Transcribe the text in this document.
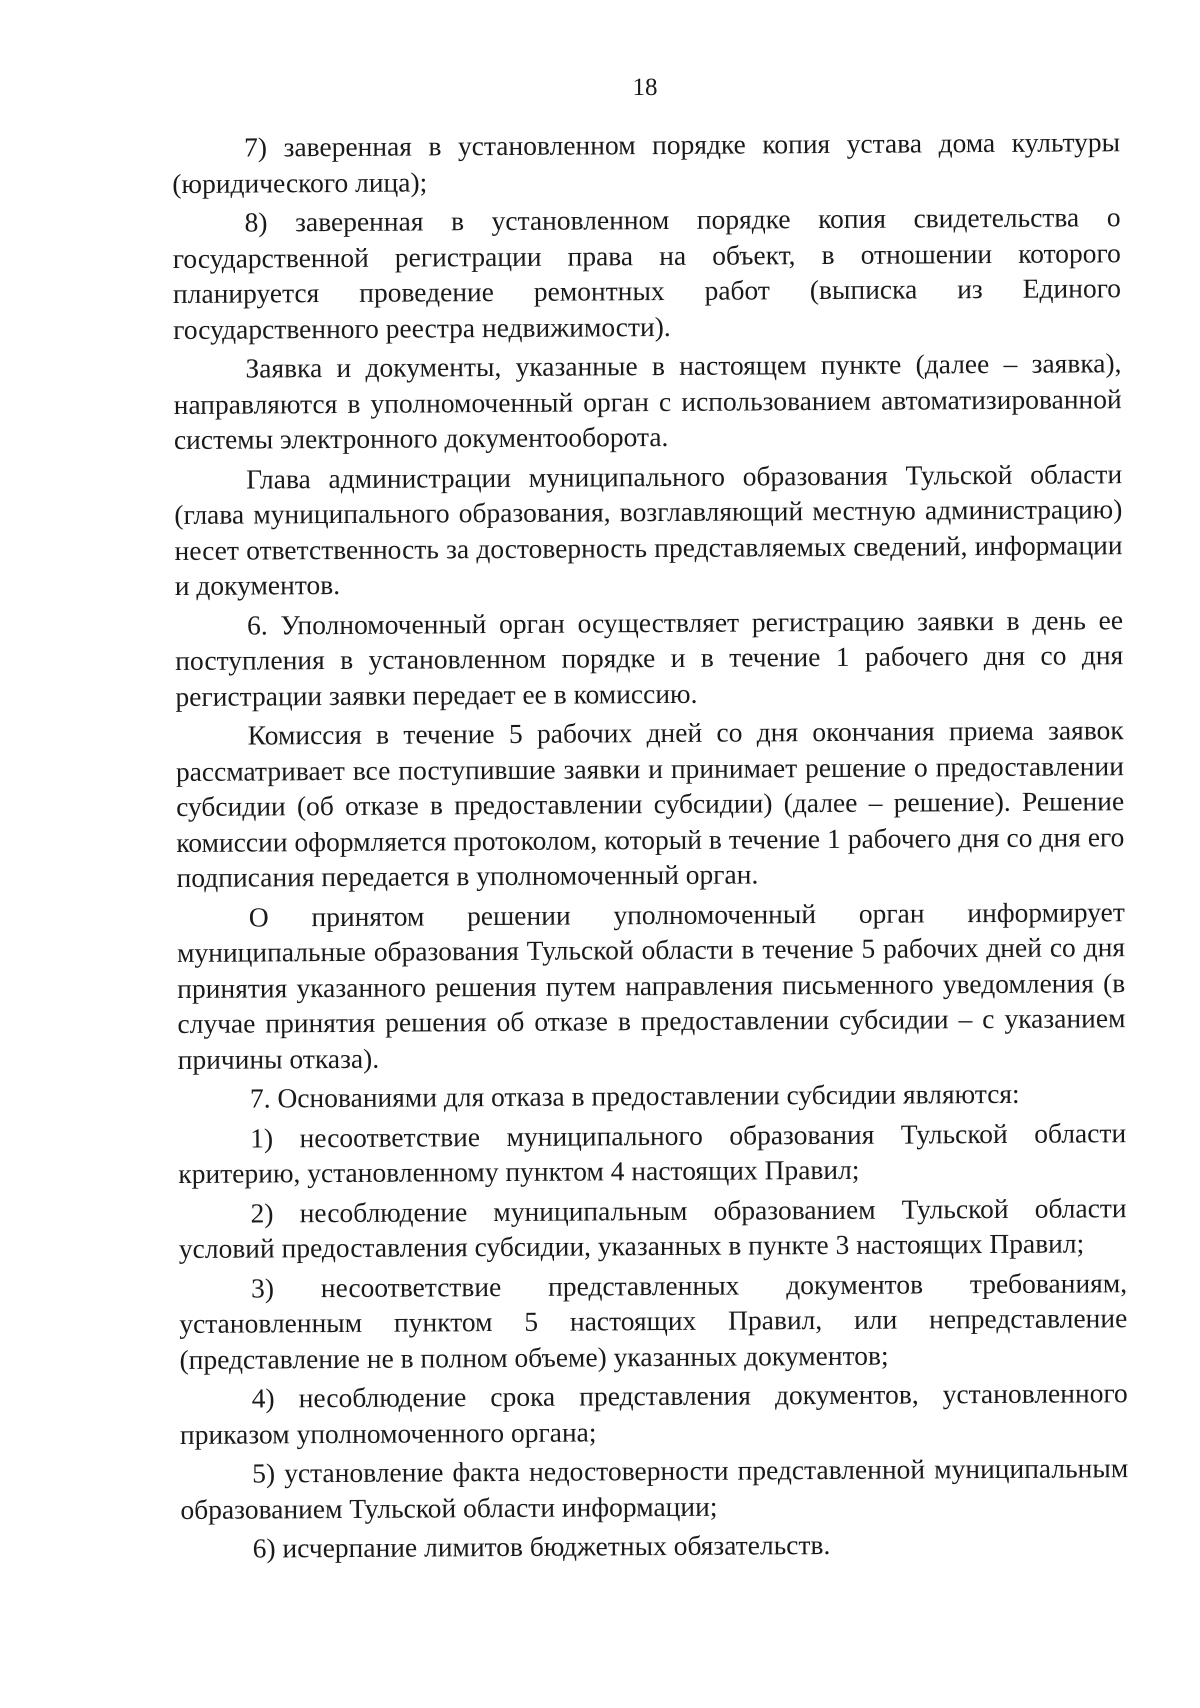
18

7) заверенная в установленном порядке копия устава дома культуры (юридического лица);

8) заверенная в установленном порядке копия свидетельства о государственной регистрации права на объект, в отношении которого планируется проведение ремонтных работ (выписка из Единого государственного реестра недвижимости).

Заявка и документы, указанные в настоящем пункте (далее – заявка), направляются в уполномоченный орган с использованием автоматизированной системы электронного документооборота.

Глава администрации муниципального образования Тульской области (глава муниципального образования, возглавляющий местную администрацию) несет ответственность за достоверность представляемых сведений, информации и документов.

6. Уполномоченный орган осуществляет регистрацию заявки в день ее поступления в установленном порядке и в течение 1 рабочего дня со дня регистрации заявки передает ее в комиссию.

Комиссия в течение 5 рабочих дней со дня окончания приема заявок рассматривает все поступившие заявки и принимает решение о предоставлении субсидии (об отказе в предоставлении субсидии) (далее – решение). Решение комиссии оформляется протоколом, который в течение 1 рабочего дня со дня его подписания передается в уполномоченный орган.

О принятом решении уполномоченный орган информирует муниципальные образования Тульской области в течение 5 рабочих дней со дня принятия указанного решения путем направления письменного уведомления (в случае принятия решения об отказе в предоставлении субсидии – с указанием причины отказа).

7. Основаниями для отказа в предоставлении субсидии являются:

1) несоответствие муниципального образования Тульской области критерию, установленному пунктом 4 настоящих Правил;

2) несоблюдение муниципальным образованием Тульской области условий предоставления субсидии, указанных в пункте 3 настоящих Правил;

3) несоответствие представленных документов требованиям, установленным пунктом 5 настоящих Правил, или непредставление (представление не в полном объеме) указанных документов;

4) несоблюдение срока представления документов, установленного приказом уполномоченного органа;

5) установление факта недостоверности представленной муниципальным образованием Тульской области информации;

6) исчерпание лимитов бюджетных обязательств.
